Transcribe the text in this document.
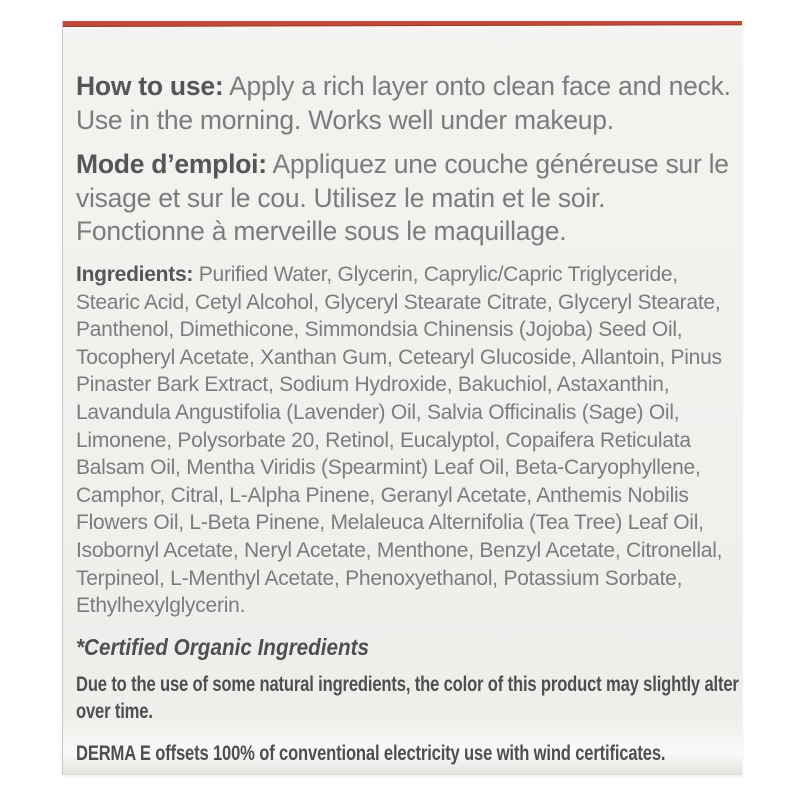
How to use: Apply a rich layer onto clean face and neck. Use in the morning. Works well under makeup.

Mode d’emploi: Appliquez une couche généreuse sur le visage et sur le cou. Utilisez le matin et le soir. Fonctionne à merveille sous le maquillage.

Ingredients: Purified Water, Glycerin, Caprylic/Capric Triglyceride, Stearic Acid, Cetyl Alcohol, Glyceryl Stearate Citrate, Glyceryl Stearate, Panthenol, Dimethicone, Simmondsia Chinensis (Jojoba) Seed Oil, Tocopheryl Acetate, Xanthan Gum, Cetearyl Glucoside, Allantoin, Pinus Pinaster Bark Extract, Sodium Hydroxide, Bakuchiol, Astaxanthin, Lavandula Angustifolia (Lavender) Oil, Salvia Officinalis (Sage) Oil, Limonene, Polysorbate 20, Retinol, Eucalyptol, Copaifera Reticulata Balsam Oil, Mentha Viridis (Spearmint) Leaf Oil, Beta-Caryophyllene, Camphor, Citral, L-Alpha Pinene, Geranyl Acetate, Anthemis Nobilis Flowers Oil, L-Beta Pinene, Melaleuca Alternifolia (Tea Tree) Leaf Oil, Isobornyl Acetate, Neryl Acetate, Menthone, Benzyl Acetate, Citronellal, Terpineol, L-Menthyl Acetate, Phenoxyethanol, Potassium Sorbate, Ethylhexylglycerin.

*Certified Organic Ingredients

Due to the use of some natural ingredients, the color of this product may slightly alter over time.

DERMA E offsets 100% of conventional electricity use with wind certificates.
